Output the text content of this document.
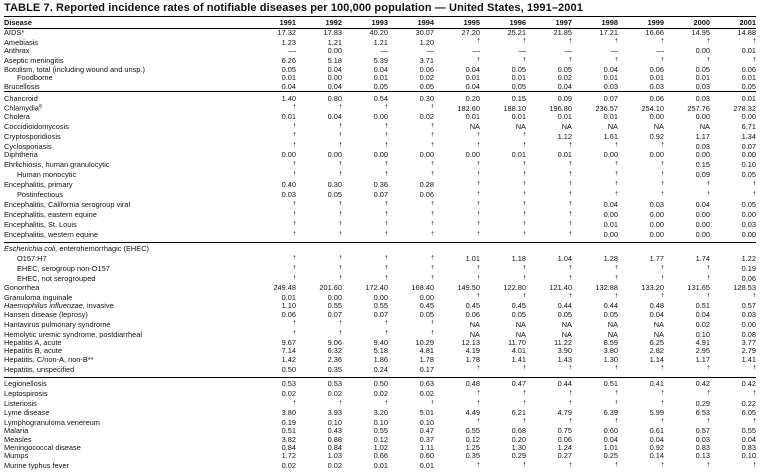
TABLE 7. Reported incidence rates of notifiable diseases per 100,000 population — United States, 1991–2001
Disease	1991	1992	1993	1994	1995	1996	1997	1998	1999	2000	2001
AIDS*	17.32	17.83	40.20	30.07	27.20	25.21	21.85	17.21	16.66	14.95	14.88
Amebiasis	1.23	1.21	1.21	1.20	†	†	†	†	†	†	†
Anthrax	—	0.00	—	—	—	—	—	—	—	0.00	0.01
Aseptic meningitis	6.26	5.18	5.39	3.71	†	†	†	†	†	†	†
Botulism, total (including wound and unsp.)	0.05	0.04	0.04	0.06	0.04	0.05	0.05	0.04	0.06	0.05	0.06
Foodborne	0.01	0.00	0.01	0.02	0.01	0.01	0.02	0.01	0.01	0.01	0.01
Brucellosis	0.04	0.04	0.05	0.05	0.04	0.05	0.04	0.03	0.03	0.03	0.05
Chancroid	1.40	0.80	0.54	0.30	0.20	0.15	0.09	0.07	0.06	0.03	0.01
Chlamydia§	†	†	†	†	182.60	188.10	196.80	236.57	254.10	257.76	278.32
Cholera	0.01	0.04	0.00	0.02	0.01	0.01	0.01	0.01	0.00	0.00	0.00
Coccidioidomycosis	†	†	†	†	NA	NA	NA	NA	NA	NA	6.71
Cryptosporidiosis	†	†	†	†	†	†	1.12	1.61	0.92	1.17	1.34
Cyclosporiasis	†	†	†	†	†	†	†	†	†	0.03	0.07
Diphtheria	0.00	0.00	0.00	0.00	0.00	0.01	0.01	0.00	0.00	0.00	0.00
Ehrlichiosis, human granulocytic	†	†	†	†	†	†	†	†	†	0.15	0.10
Human monocytic	†	†	†	†	†	†	†	†	†	0.09	0.05
Encephalitis, primary	0.40	0.30	0.36	0.28	†	†	†	†	†	†	†
Postinfectious	0.03	0.05	0.07	0.06	†	†	†	†	†	†	†
Encephalitis, California serogroup viral	†	†	†	†	†	†	†	0.04	0.03	0.04	0.05
Encephalitis, eastern equine	†	†	†	†	†	†	†	0.00	0.00	0.00	0.00
Encephalitis, St. Louis	†	†	†	†	†	†	†	0.01	0.00	0.00	0.03
Encephalitis, western equine	†	†	†	†	†	†	†	0.00	0.00	0.00	0.00
Escherichia coli, enterohemorrhagic (EHEC)											
O157:H7	†	†	†	†	1.01	1.18	1.04	1.28	1.77	1.74	1.22
EHEC, serogroup non-O157	†	†	†	†	†	†	†	†	†	†	0.19
EHEC, not serogrouped	†	†	†	†	†	†	†	†	†	†	0.06
Gonorrhea	249.48	201.60	172.40	168.40	149.50	122.80	121.40	132.88	133.20	131.65	128.53
Granuloma inguinale	0.01	0.00	0.00	0.00	†	†	†	†	†	†	†
Haemophilus influenzae, invasive	1.10	0.55	0.55	0.45	0.45	0.45	0.44	0.44	0.48	0.51	0.57
Hansen disease (leprosy)	0.06	0.07	0.07	0.05	0.06	0.05	0.05	0.05	0.04	0.04	0.03
Hantavirus pulmonary syndrome	†	†	†	†	NA	NA	NA	NA	NA	0.02	0.00
Hemolytic uremic syndrome, postdiarrheal	†	†	†	†	NA	NA	NA	NA	NA	0.10	0.08
Hepatitis A, acute	9.67	9.06	9.40	10.29	12.13	11.70	11.22	8.59	6.25	4.91	3.77
Hepatitis B, acute	7.14	6.32	5.18	4.81	4.19	4.01	3.90	3.80	2.82	2.95	2.79
Hepatitis, C/non-A, non-B**	1.42	2.36	1.86	1.78	1.78	1.41	1.43	1.30	1.14	1.17	1.41
Hepatitis, unspecified	0.50	0.35	0.24	0.17	†	†	†	†	†	†	†
Legionellosis	0.53	0.53	0.50	0.63	0.48	0.47	0.44	0.51	0.41	0.42	0.42
Leptospirosis	0.02	0.02	0.02	0.02	†	†	†	†	†	†	†
Listeriosis	†	†	†	†	†	†	†	†	†	0.29	0.22
Lyme disease	3.80	3.93	3.20	5.01	4.49	6.21	4.79	6.39	5.99	6.53	6.05
Lymphogranuloma venereum	0.19	0.10	0.10	0.10	†	†	†	†	†	†	†
Malaria	0.51	0.43	0.55	0.47	0.55	0.68	0.75	0.60	0.61	0.57	0.55
Measles	3.82	0.88	0.12	0.37	0.12	0.20	0.06	0.04	0.04	0.03	0.04
Meningococcal disease	0.84	0.84	1.02	1.11	1.25	1.30	1.24	1.01	0.92	0.83	0.83
Mumps	1.72	1.03	0.66	0.60	0.35	0.29	0.27	0.25	0.14	0.13	0.10
Murine typhus fever	0.02	0.02	0.01	0.01	†	†	†	†	†	†	†
